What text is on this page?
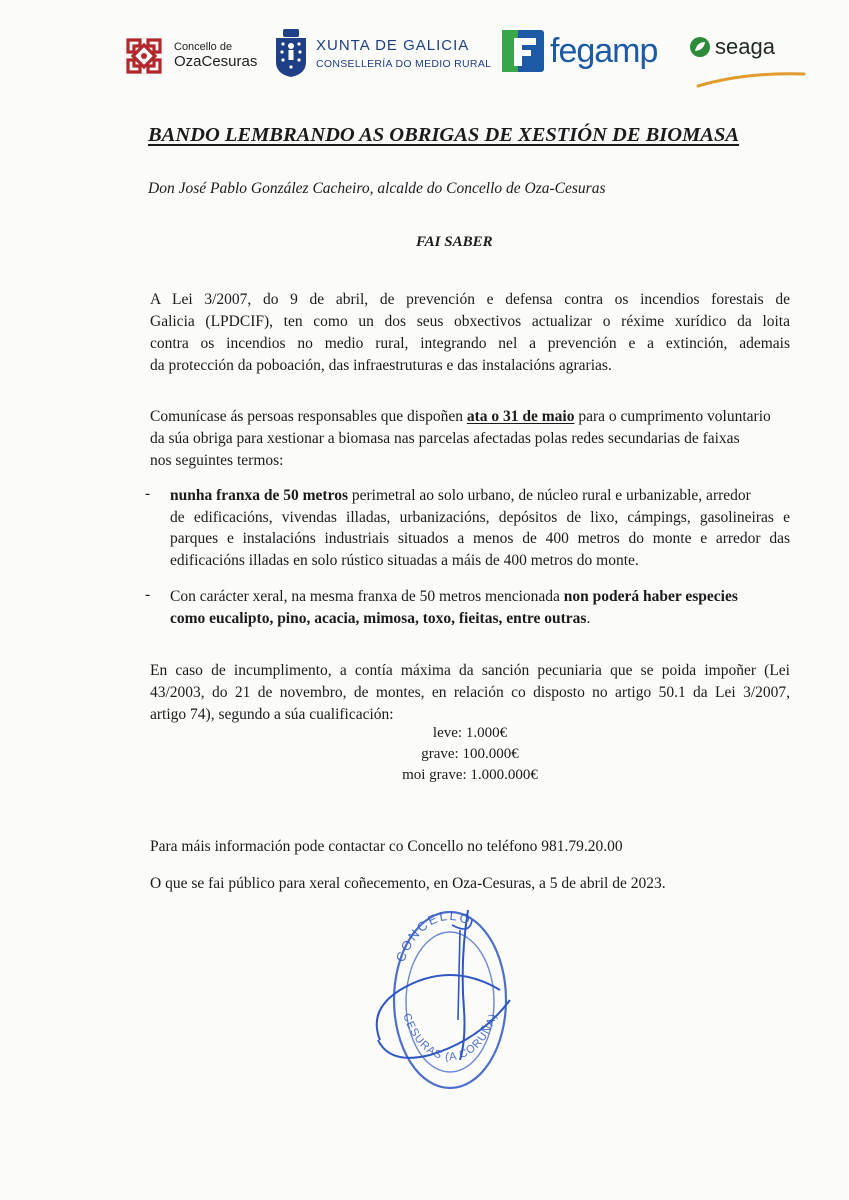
Concello de
OzaCesuras
XUNTA DE GALICIA
CONSELLERÍA DO MEDIO RURAL fegamp	seaga

BANDO LEMBRANDO AS OBRIGAS DE XESTIÓN DE BIOMASA

Don José Pablo González Cacheiro, alcalde do Concello de Oza-Cesuras

FAI SABER

A Lei 3/2007, do 9 de abril, de prevención e defensa contra os incendios forestais de
Galicia (LPDCIF), ten como un dos seus obxectivos actualizar o réxime xurídico da loita
contra os incendios no medio rural, integrando nel a prevención e a extinción, ademais
da protección da poboación, das infraestruturas e das instalacións agrarias.
Comunícase ás persoas responsables que dispoñen ata o 31 de maio para o cumprimento voluntario
da súa obriga para xestionar a biomasa nas parcelas afectadas polas redes secundarias de faixas
nos seguintes termos:
- nunha franxa de 50 metros perimetral ao solo urbano, de núcleo rural e urbanizable, arredor
de edificacións, vivendas illadas, urbanizacións, depósitos de lixo, cámpings, gasolineiras e
parques e instalacións industriais situados a menos de 400 metros do monte e arredor das
edificacións illadas en solo rústico situadas a máis de 400 metros do monte.
- Con carácter xeral, na mesma franxa de 50 metros mencionada non poderá haber especies
como eucalipto, pino, acacia, mimosa, toxo, fieitas, entre outras.
En caso de incumplimento, a contía máxima da sanción pecuniaria que se poida impoñer (Lei
43/2003, do 21 de novembro, de montes, en relación co disposto no artigo 50.1 da Lei 3/2007,
artigo 74), segundo a súa cualificación:
leve: 1.000€
grave: 100.000€
moi grave: 1.000.000€

Para máis información pode contactar co Concello no teléfono 981.79.20.00

O que se fai público para xeral coñecemento, en Oza-Cesuras, a 5 de abril de 2023.

CONCELLO
CESURAS (A CORUÑA)
